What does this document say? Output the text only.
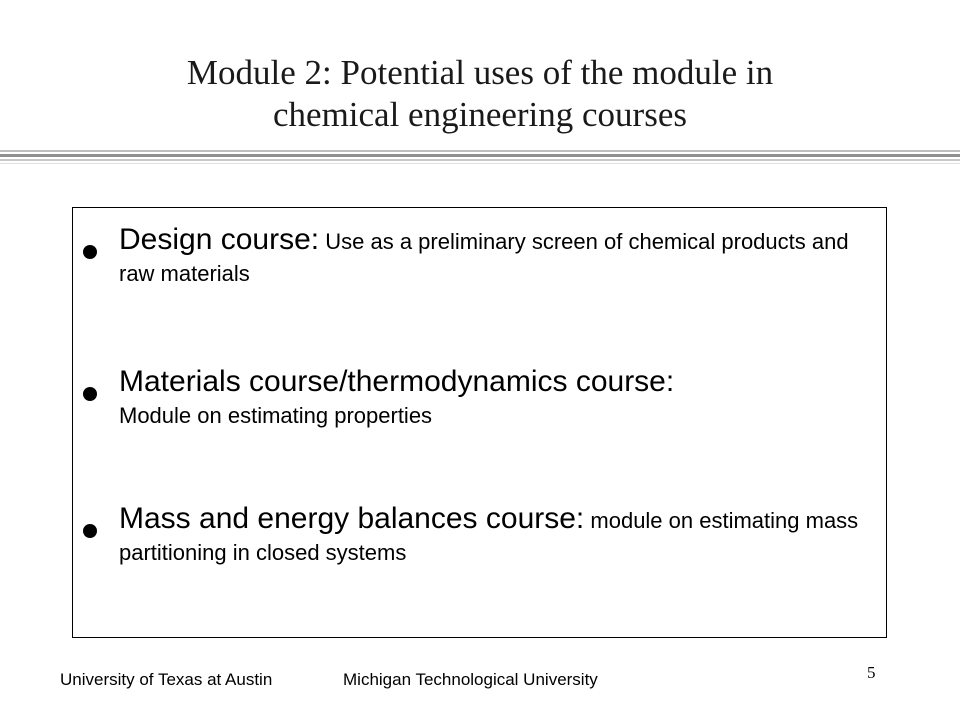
Module 2: Potential uses of the module in
chemical engineering courses
Design course: Use as a preliminary screen of chemical products and raw materials
Materials course/thermodynamics course:
Module on estimating properties
Mass and energy balances course: module on estimating mass partitioning in closed systems
University of Texas at Austin	Michigan Technological University	5
